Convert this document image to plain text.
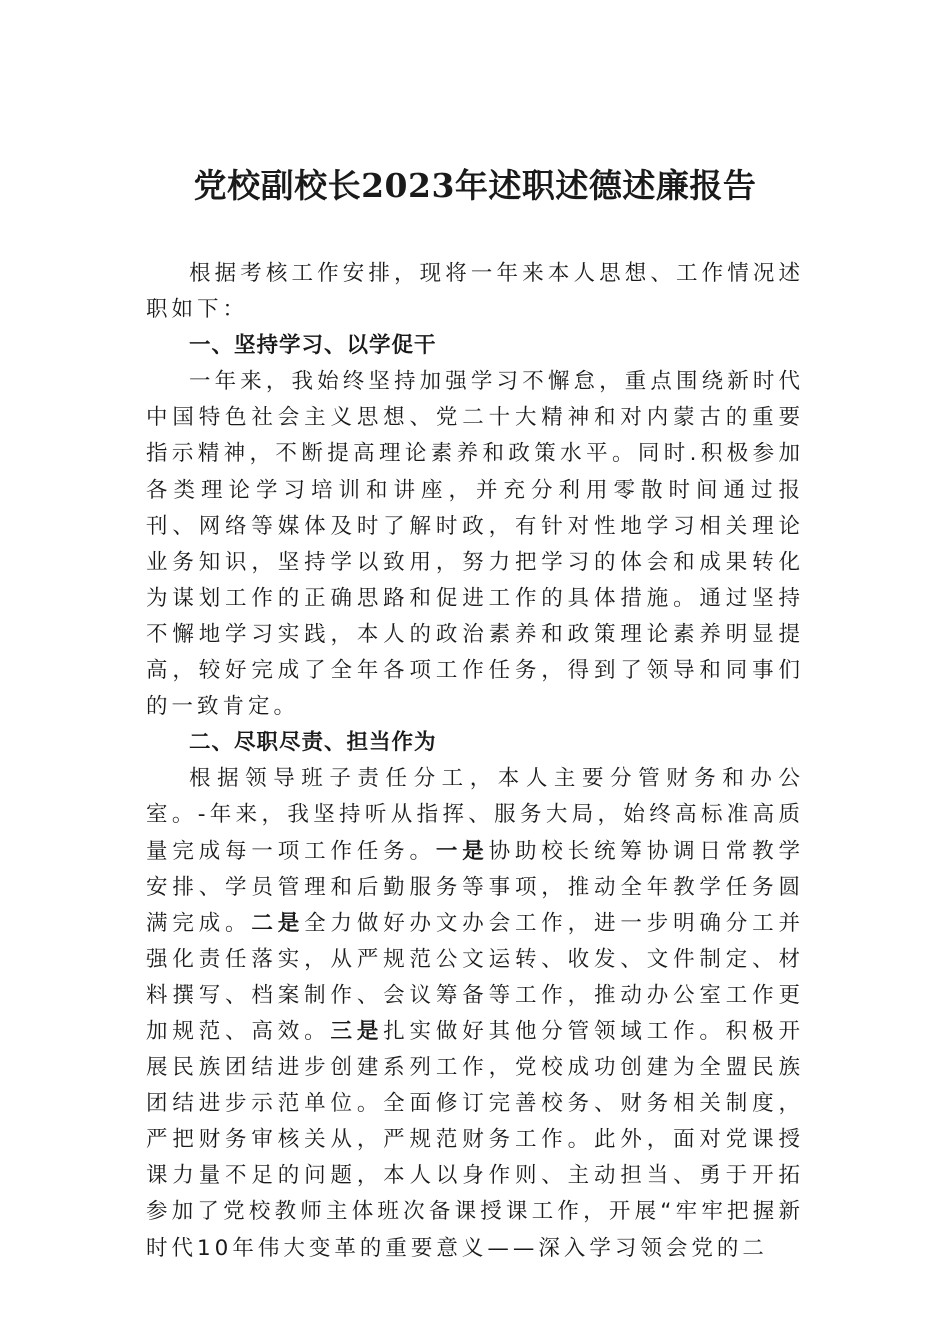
党校副校长2023年述职述德述廉报告

根据考核工作安排，现将一年来本人思想、工作情况述职如下：

一、坚持学习、以学促干

一年来，我始终坚持加强学习不懈怠，重点围绕新时代中国特色社会主义思想、党二十大精神和对内蒙古的重要指示精神，不断提高理论素养和政策水平。同时.积极参加各类理论学习培训和讲座，并充分利用零散时间通过报刊、网络等媒体及时了解时政，有针对性地学习相关理论业务知识，坚持学以致用，努力把学习的体会和成果转化为谋划工作的正确思路和促进工作的具体措施。通过坚持不懈地学习实践，本人的政治素养和政策理论素养明显提高，较好完成了全年各项工作任务，得到了领导和同事们的一致肯定。

二、尽职尽责、担当作为

根据领导班子责任分工，本人主要分管财务和办公室。-年来，我坚持听从指挥、服务大局，始终高标准高质量完成每一项工作任务。一是协助校长统筹协调日常教学安排、学员管理和后勤服务等事项，推动全年教学任务圆满完成。二是全力做好办文办会工作，进一步明确分工并强化责任落实，从严规范公文运转、收发、文件制定、材料撰写、档案制作、会议筹备等工作，推动办公室工作更加规范、高效。三是扎实做好其他分管领域工作。积极开展民族团结进步创建系列工作，党校成功创建为全盟民族团结进步示范单位。全面修订完善校务、财务相关制度，严把财务审核关从，严规范财务工作。此外，面对党课授课力量不足的问题，本人以身作则、主动担当、勇于开拓参加了党校教师主体班次备课授课工作，开展“牢牢把握新时代10年伟大变革的重要意义——深入学习领会党的二
